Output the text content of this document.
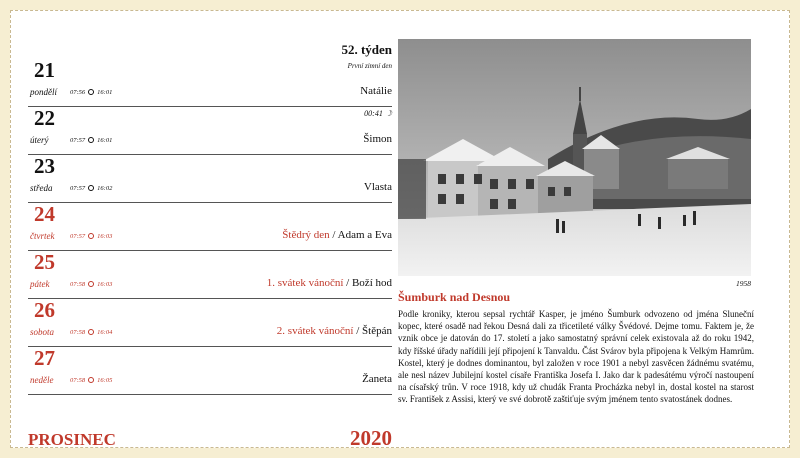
52. týden
První zimní den
21
pondělí 07:56 16:01	Natálie
00:41 ☽
22
úterý	07:57 16:01	Šimon
23
středa	07:57 16:02	Vlasta
24
čtvrtek 07:57 16:03	Štědrý den / Adam a Eva
25
pátek	07:58 16:03	1. svátek vánoční / Boží hod
26
sobota 07:58 16:04	2. svátek vánoční / Štěpán
27
neděle	07:58 16:05	Žaneta
PROSINEC	2020
1958
Šumburk nad Desnou
Podle kroniky, kterou sepsal rychtář Kasper, je jméno Šumburk odvozeno od jména Sluneční kopec, které osadě nad řekou Desná dali za třicetileté války Švédové. Dejme tomu. Faktem je, že vznik obce je datován do 17. století a jako samostatný správní celek existovala až do roku 1942, kdy říšské úřady nařídili její připojení k Tanvaldu. Část Svárov byla připojena k Velkým Hamrům. Kostel, který je dodnes dominantou, byl založen v roce 1901 a nebyl zasvěcen žádnému svatému, ale nesl název Jubilejní kostel císaře Františka Josefa I. Jako dar k padesátému výročí nastoupení na císařský trůn. V roce 1918, kdy už chudák Franta Procházka nebyl in, dostal kostel na starost sv. František z Assisi, který ve své dobrotě zaštiťuje svým jménem tento svatostánek dodnes.
